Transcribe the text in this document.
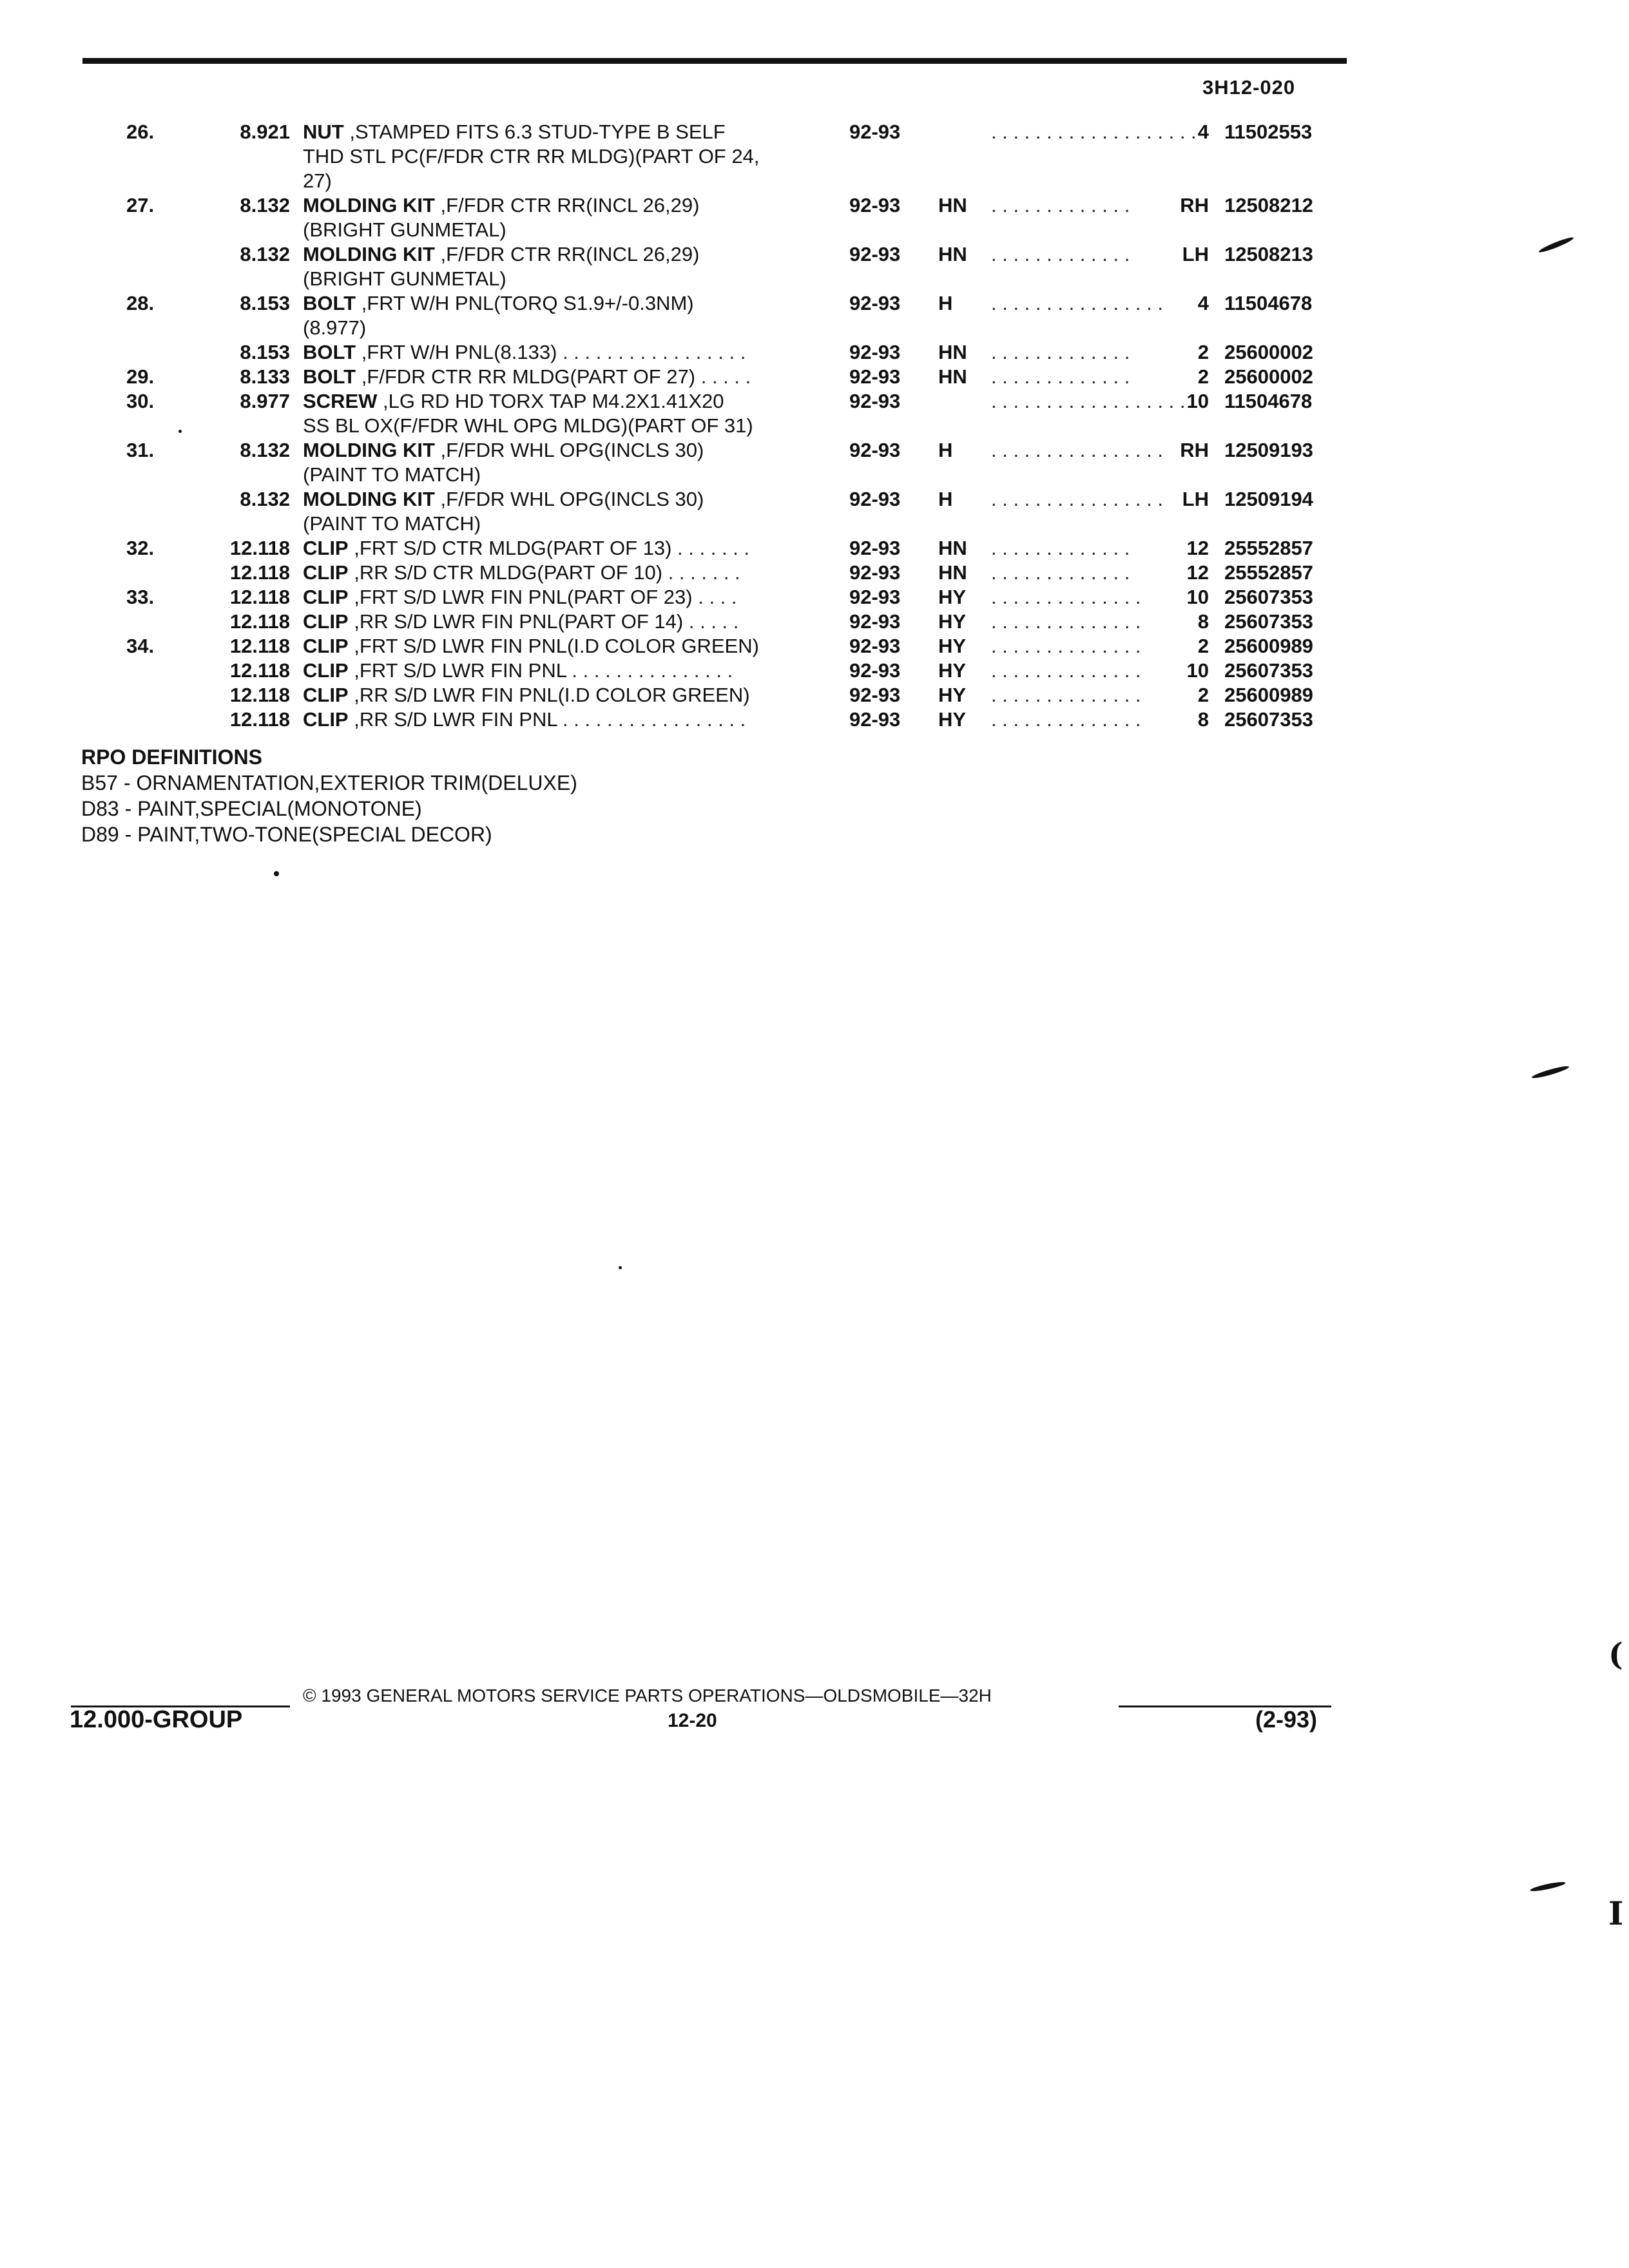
3H12-020
26.	8.921 NUT ,STAMPED FITS 6.3 STUD-TYPE B SELF
THD STL PC(F/FDR CTR RR MLDG)(PART OF 24,
27)
92-93	. . . . . . . . . . . . . . . . . . . 4 11502553
27.	8.132 MOLDING KIT ,F/FDR CTR RR(INCL 26,29)
(BRIGHT GUNMETAL)
92-93 HN	. . . . . . . . . . . . .	RH 12508212
8.132 MOLDING KIT ,F/FDR CTR RR(INCL 26,29)
(BRIGHT GUNMETAL)
92-93 HN	. . . . . . . . . . . . .	LH 12508213
28.	8.153 BOLT ,FRT W/H PNL(TORQ S1.9+/-0.3NM)
(8.977)
92-93 H	. . . . . . . . . . . . . . . .	4 11504678
8.153 BOLT ,FRT W/H PNL(8.133) . . . . . . . . . . . . . . . . .	92-93 HN	. . . . . . . . . . . . .	2 25600002
29.	8.133 BOLT ,F/FDR CTR RR MLDG(PART OF 27) . . . . .	92-93 HN	. . . . . . . . . . . . .	2 25600002
30.	8.977 SCREW ,LG RD HD TORX TAP M4.2X1.41X20
SS BL OX(F/FDR WHL OPG MLDG)(PART OF 31)
92-93	. . . . . . . . . . . . . . . . . . 10 11504678
31.	8.132 MOLDING KIT ,F/FDR WHL OPG(INCLS 30)
(PAINT TO MATCH)
92-93 H	. . . . . . . . . . . . . . . . RH 12509193
8.132 MOLDING KIT ,F/FDR WHL OPG(INCLS 30)
(PAINT TO MATCH)
92-93 H	. . . . . . . . . . . . . . . . LH 12509194
32.	12.118 CLIP ,FRT S/D CTR MLDG(PART OF 13) . . . . . . .	92-93 HN	. . . . . . . . . . . . .	12 25552857
12.118 CLIP ,RR S/D CTR MLDG(PART OF 10) . . . . . . .	92-93 HN	. . . . . . . . . . . . .	12 25552857
33.	12.118 CLIP ,FRT S/D LWR FIN PNL(PART OF 23) . . . .	92-93 HY	. . . . . . . . . . . . . .	10 25607353
12.118 CLIP ,RR S/D LWR FIN PNL(PART OF 14) . . . . .	92-93 HY	. . . . . . . . . . . . . .	8 25607353
34.	12.118 CLIP ,FRT S/D LWR FIN PNL(I.D COLOR GREEN)	92-93 HY	. . . . . . . . . . . . . .	2 25600989
12.118 CLIP ,FRT S/D LWR FIN PNL . . . . . . . . . . . . . . .	92-93 HY	. . . . . . . . . . . . . .	10 25607353
12.118 CLIP ,RR S/D LWR FIN PNL(I.D COLOR GREEN)	92-93 HY	. . . . . . . . . . . . . .	2 25600989
12.118 CLIP ,RR S/D LWR FIN PNL . . . . . . . . . . . . . . . . .	92-93 HY	. . . . . . . . . . . . . .	8 25607353
RPO DEFINITIONS
B57 - ORNAMENTATION,EXTERIOR TRIM(DELUXE)
D83 - PAINT,SPECIAL(MONOTONE)
D89 - PAINT,TWO-TONE(SPECIAL DECOR)
© 1993 GENERAL MOTORS SERVICE PARTS OPERATIONS—OLDSMOBILE—32H
12.000-GROUP	12-20	(2-93)
(
I
